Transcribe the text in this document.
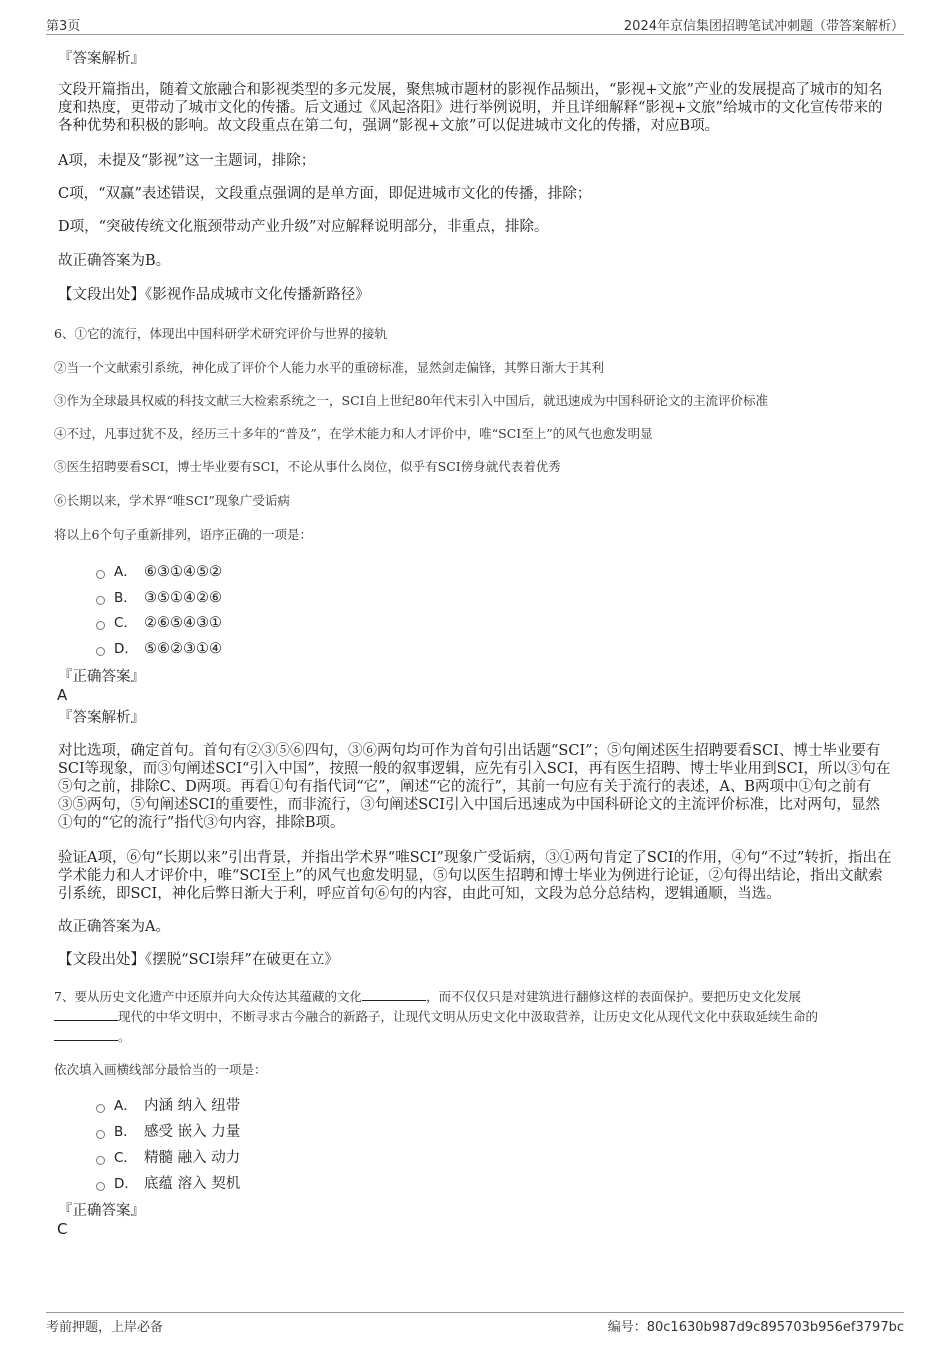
第3页	2024年京信集团招聘笔试冲刺题（带答案解析）

『答案解析』

文段开篇指出，随着文旅融合和影视类型的多元发展，聚焦城市题材的影视作品频出，“影视+文旅”产业的发展提高了城市的知名度和热度，更带动了城市文化的传播。后文通过《风起洛阳》进行举例说明，并且详细解释“影视+文旅”给城市的文化宣传带来的各种优势和积极的影响。故文段重点在第二句，强调“影视+文旅”可以促进城市文化的传播，对应B项。

A项，未提及“影视”这一主题词，排除；

C项，“双赢”表述错误，文段重点强调的是单方面，即促进城市文化的传播，排除；

D项，“突破传统文化瓶颈带动产业升级”对应解释说明部分，非重点，排除。

故正确答案为B。

【文段出处】《影视作品成城市文化传播新路径》

6、①它的流行，体现出中国科研学术研究评价与世界的接轨

②当一个文献索引系统，神化成了评价个人能力水平的重磅标准，显然剑走偏锋，其弊日渐大于其利

③作为全球最具权威的科技文献三大检索系统之一，SCI自上世纪80年代末引入中国后，就迅速成为中国科研论文的主流评价标准

④不过，凡事过犹不及，经历三十多年的“普及”，在学术能力和人才评价中，唯“SCI至上”的风气也愈发明显

⑤医生招聘要看SCI，博士毕业要有SCI，不论从事什么岗位，似乎有SCI傍身就代表着优秀

⑥长期以来，学术界“唯SCI”现象广受诟病

将以上6个句子重新排列，语序正确的一项是：

A． ⑥③①④⑤②
B． ③⑤①④②⑥
C． ②⑥⑤④③①
D． ⑤⑥②③①④

『正确答案』

A

『答案解析』

对比选项，确定首句。首句有②③⑤⑥四句，③⑥两句均可作为首句引出话题“SCI”；⑤句阐述医生招聘要看SCI、博士毕业要有SCI等现象，而③句阐述SCI“引入中国”，按照一般的叙事逻辑，应先有引入SCI，再有医生招聘、博士毕业用到SCI，所以③句在⑤句之前，排除C、D两项。再看①句有指代词“它”，阐述“它的流行”，其前一句应有关于流行的表述，A、B两项中①句之前有③⑤两句，⑤句阐述SCI的重要性，而非流行，③句阐述SCI引入中国后迅速成为中国科研论文的主流评价标准，比对两句，显然①句的“它的流行”指代③句内容，排除B项。

验证A项，⑥句“长期以来”引出背景，并指出学术界“唯SCI”现象广受诟病，③①两句肯定了SCI的作用，④句“不过”转折，指出在学术能力和人才评价中，唯“SCI至上”的风气也愈发明显，⑤句以医生招聘和博士毕业为例进行论证，②句得出结论，指出文献索引系统，即SCI，神化后弊日渐大于利，呼应首句⑥句的内容，由此可知，文段为总分总结构，逻辑通顺，当选。

故正确答案为A。

【文段出处】《摆脱“SCI崇拜”在破更在立》

7、要从历史文化遗产中还原并向大众传达其蕴藏的文化	，而不仅仅只是对建筑进行翻修这样的表面保护。要把历史文化发展
现代的中华文明中，不断寻求古今融合的新路子，让现代文明从历史文化中汲取营养，让历史文化从现代文化中获取延续生命的
。

依次填入画横线部分最恰当的一项是：

A． 内涵 纳入 纽带
B． 感受 嵌入 力量
C． 精髓 融入 动力
D． 底蕴 溶入 契机

『正确答案』

C
考前押题，上岸必备	编号：80c1630b987d9c895703b956ef3797bc
